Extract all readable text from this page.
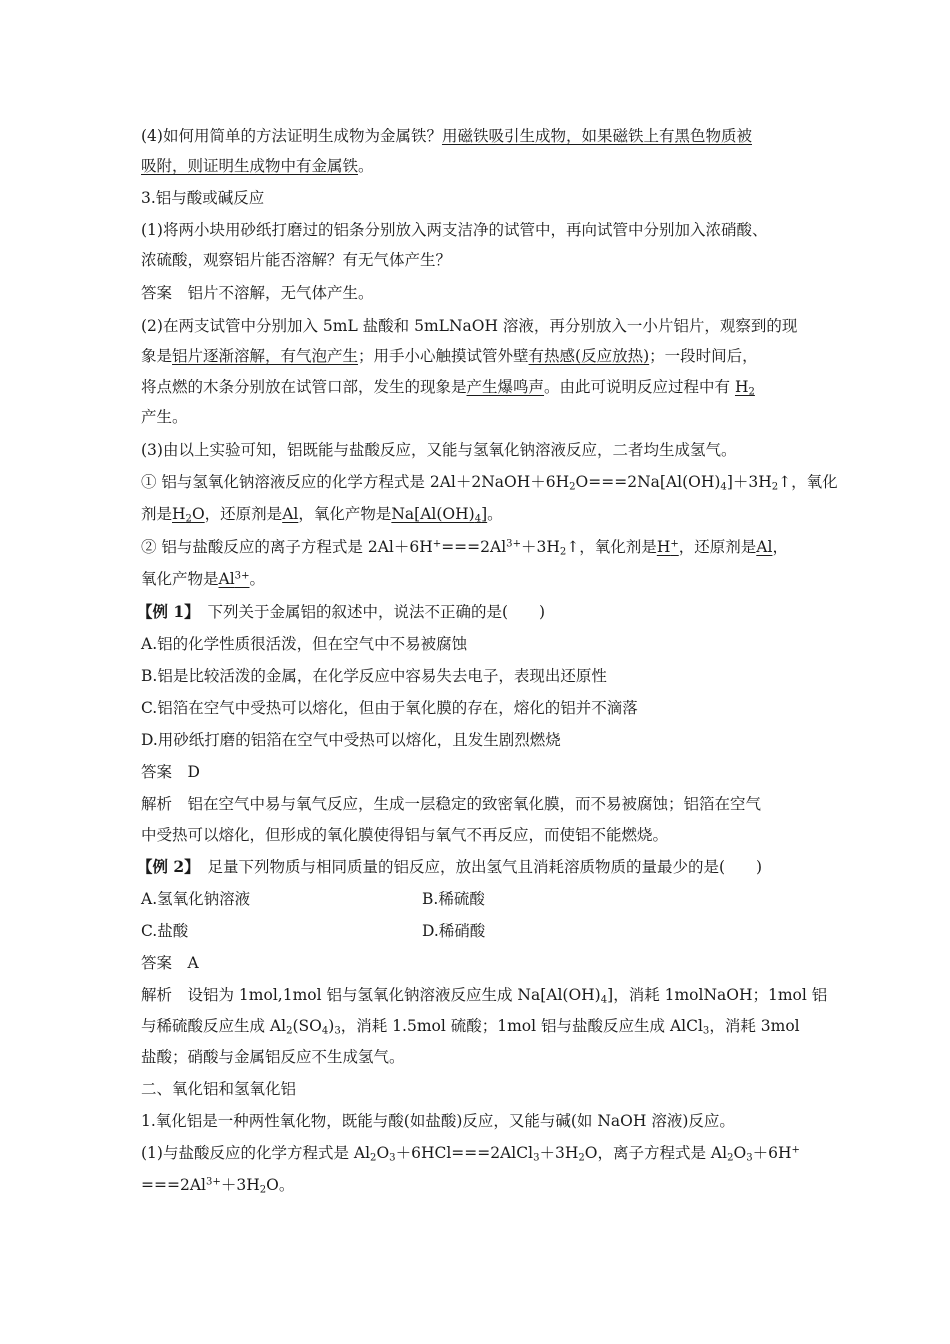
(4)如何用简单的方法证明生成物为金属铁？用磁铁吸引生成物，如果磁铁上有黑色物质被
吸附，则证明生成物中有金属铁。
3.铝与酸或碱反应
(1)将两小块用砂纸打磨过的铝条分别放入两支洁净的试管中，再向试管中分别加入浓硝酸、
浓硫酸，观察铝片能否溶解？有无气体产生？
答案　铝片不溶解，无气体产生。
(2)在两支试管中分别加入 5mL 盐酸和 5mLNaOH 溶液，再分别放入一小片铝片，观察到的现
象是铝片逐渐溶解，有气泡产生；用手小心触摸试管外壁有热感(反应放热)；一段时间后，
将点燃的木条分别放在试管口部，发生的现象是产生爆鸣声。由此可说明反应过程中有 $H_2$
产生。
(3)由以上实验可知，铝既能与盐酸反应，又能与氢氧化钠溶液反应，二者均生成氢气。
① 铝与氢氧化钠溶液反应的化学方程式是 $2Al+2NaOH+6H_2O===2Na[Al(OH)_4]+3H_2↑$，氧化
剂是$H_2O$，还原剂是Al，氧化产物是$Na[Al(OH)_4]$。
② 铝与盐酸反应的离子方程式是 $2Al+6H^+===2Al^{3+}+3H_2↑$，氧化剂是H+，还原剂是Al，
氧化产物是$Al^{3+}$。
【例 1】　下列关于金属铝的叙述中，说法不正确的是(　　)
A.铝的化学性质很活泼，但在空气中不易被腐蚀
B.铝是比较活泼的金属，在化学反应中容易失去电子，表现出还原性
C.铝箔在空气中受热可以熔化，但由于氧化膜的存在，熔化的铝并不滴落
D.用砂纸打磨的铝箔在空气中受热可以熔化，且发生剧烈燃烧
答案　D
解析　铝在空气中易与氧气反应，生成一层稳定的致密氧化膜，而不易被腐蚀；铝箔在空气
中受热可以熔化，但形成的氧化膜使得铝与氧气不再反应，而使铝不能燃烧。
【例 2】　足量下列物质与相同质量的铝反应，放出氢气且消耗溶质物质的量最少的是(　　)
A.氢氧化钠溶液	B.稀硫酸
C.盐酸	D.稀硝酸
答案　A
解析　设铝为 1mol,1mol 铝与氢氧化钠溶液反应生成 $Na[Al(OH)_4]$，消耗 1molNaOH；1mol 铝
与稀硫酸反应生成 $Al_2(SO_4)_3$，消耗 1.5mol 硫酸；1mol 铝与盐酸反应生成 AlCl$_3$，消耗 3mol
盐酸；硝酸与金属铝反应不生成氢气。
二、氧化铝和氢氧化铝
1.氧化铝是一种两性氧化物，既能与酸(如盐酸)反应，又能与碱(如 NaOH 溶液)反应。
(1)与盐酸反应的化学方程式是 $Al_2O_3+6HCl===2AlCl_3+3H_2O$，离子方程式是 $Al_2O_3+6H^+$
$===2Al^{3+}+3H_2O$。
